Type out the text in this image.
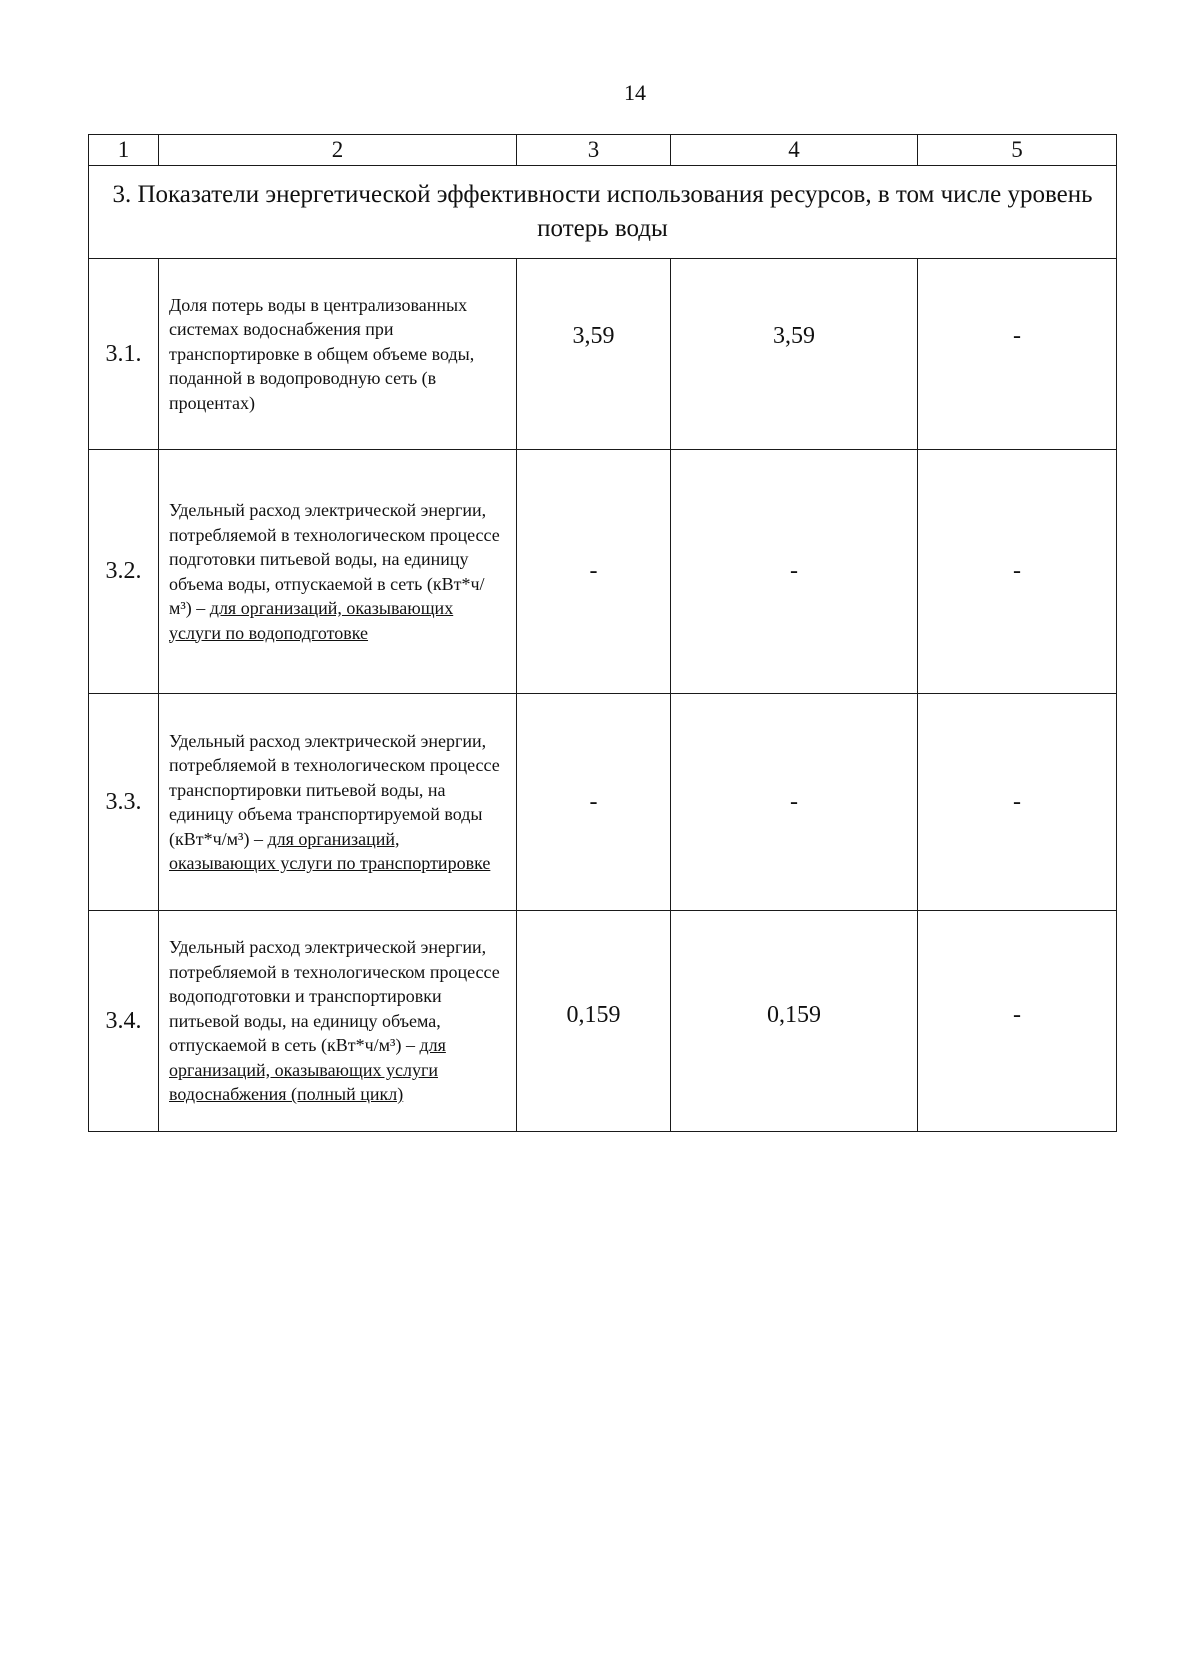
14
1	2	3	4	5
3. Показатели энергетической эффективности использования ресурсов, в том числе уровень потерь воды				
3.1.	Доля потерь воды в централизованных системах водоснабжения при транспортировке в общем объеме воды, поданной в водопроводную сеть (в процентах)	3,59	3,59	-
3.2.	Удельный расход электрической энергии, потребляемой в технологическом процессе подготовки питьевой воды, на единицу объема воды, отпускаемой в сеть (кВт*ч/м³) – для организаций, оказывающих услуги по водоподготовке	-	-	-
3.3.	Удельный расход электрической энергии, потребляемой в технологическом процессе транспортировки питьевой воды, на единицу объема транспортируемой воды (кВт*ч/м³) – для организаций, оказывающих услуги по транспортировке	-	-	-
3.4.	Удельный расход электрической энергии, потребляемой в технологическом процессе водоподготовки и транспортировки питьевой воды, на единицу объема, отпускаемой в сеть (кВт*ч/м³) – для организаций, оказывающих услуги водоснабжения (полный цикл)	0,159	0,159	-
